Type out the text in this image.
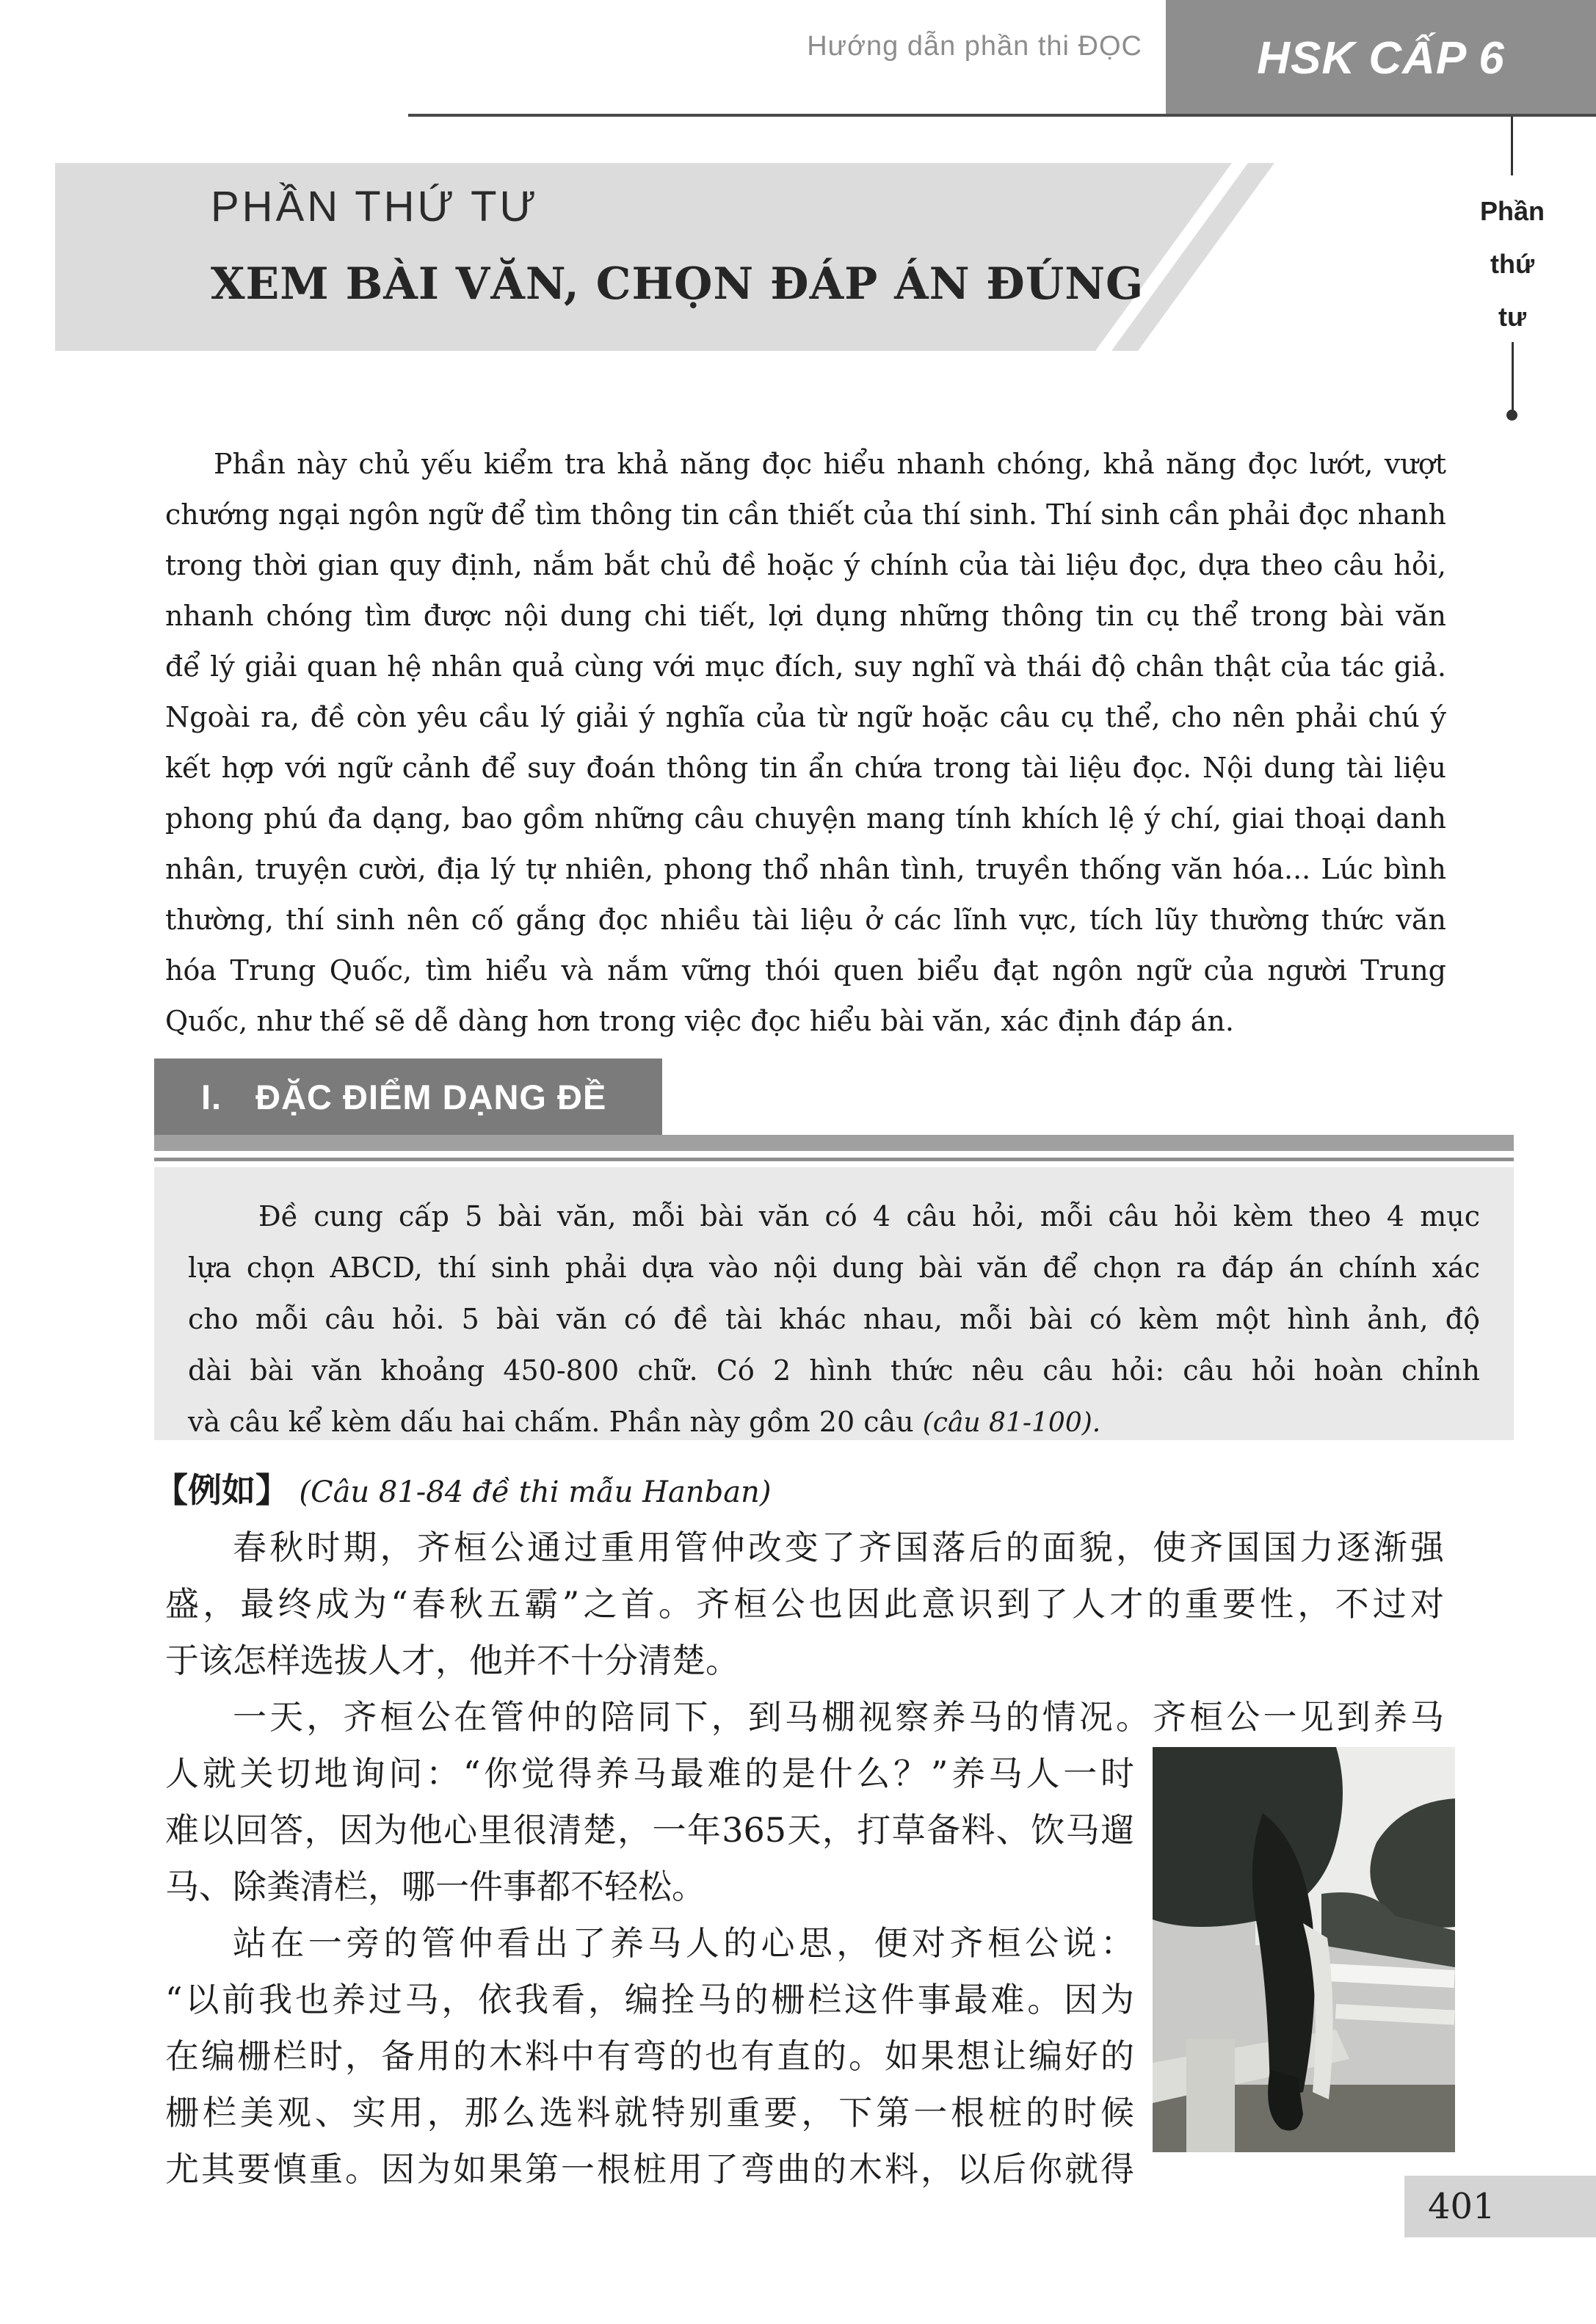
Hướng dẫn phần thi ĐỌC	HSK CẤP 6
Phần
thứ
tư
PHẦN THỨ TƯ
XEM BÀI VĂN, CHỌN ĐÁP ÁN ĐÚNG
Phần này chủ yếu kiểm tra khả năng đọc hiểu nhanh chóng, khả năng đọc lướt, vượt
chướng ngại ngôn ngữ để tìm thông tin cần thiết của thí sinh. Thí sinh cần phải đọc nhanh
trong thời gian quy định, nắm bắt chủ đề hoặc ý chính của tài liệu đọc, dựa theo câu hỏi,
nhanh chóng tìm được nội dung chi tiết, lợi dụng những thông tin cụ thể trong bài văn
để lý giải quan hệ nhân quả cùng với mục đích, suy nghĩ và thái độ chân thật của tác giả.
Ngoài ra, đề còn yêu cầu lý giải ý nghĩa của từ ngữ hoặc câu cụ thể, cho nên phải chú ý
kết hợp với ngữ cảnh để suy đoán thông tin ẩn chứa trong tài liệu đọc. Nội dung tài liệu
phong phú đa dạng, bao gồm những câu chuyện mang tính khích lệ ý chí, giai thoại danh
nhân, truyện cười, địa lý tự nhiên, phong thổ nhân tình, truyền thống văn hóa... Lúc bình
thường, thí sinh nên cố gắng đọc nhiều tài liệu ở các lĩnh vực, tích lũy thường thức văn
hóa Trung Quốc, tìm hiểu và nắm vững thói quen biểu đạt ngôn ngữ của người Trung
Quốc, như thế sẽ dễ dàng hơn trong việc đọc hiểu bài văn, xác định đáp án.
I. ĐẶC ĐIỂM DẠNG ĐỀ
Đề cung cấp 5 bài văn, mỗi bài văn có 4 câu hỏi, mỗi câu hỏi kèm theo 4 mục
lựa chọn ABCD, thí sinh phải dựa vào nội dung bài văn để chọn ra đáp án chính xác
cho mỗi câu hỏi. 5 bài văn có đề tài khác nhau, mỗi bài có kèm một hình ảnh, độ
dài bài văn khoảng 450-800 chữ. Có 2 hình thức nêu câu hỏi: câu hỏi hoàn chỉnh
và câu kể kèm dấu hai chấm. Phần này gồm 20 câu (câu 81-100).
【例如】 (Câu 81-84 đề thi mẫu Hanban)
春秋时期，齐桓公通过重用管仲改变了齐国落后的面貌，使齐国国力逐渐强
盛，最终成为“春秋五霸”之首。齐桓公也因此意识到了人才的重要性，不过对
于该怎样选拔人才，他并不十分清楚。
一天，齐桓公在管仲的陪同下，到马棚视察养马的情况。齐桓公一见到养马
人就关切地询问：“你觉得养马最难的是什么？”养马人一时
难以回答，因为他心里很清楚，一年365天，打草备料、饮马遛
马、除粪清栏，哪一件事都不轻松。
站在一旁的管仲看出了养马人的心思，便对齐桓公说：
“以前我也养过马，依我看，编拴马的栅栏这件事最难。因为
在编栅栏时，备用的木料中有弯的也有直的。如果想让编好的
栅栏美观、实用，那么选料就特别重要，下第一根桩的时候
尤其要慎重。因为如果第一根桩用了弯曲的木料，以后你就得
401
